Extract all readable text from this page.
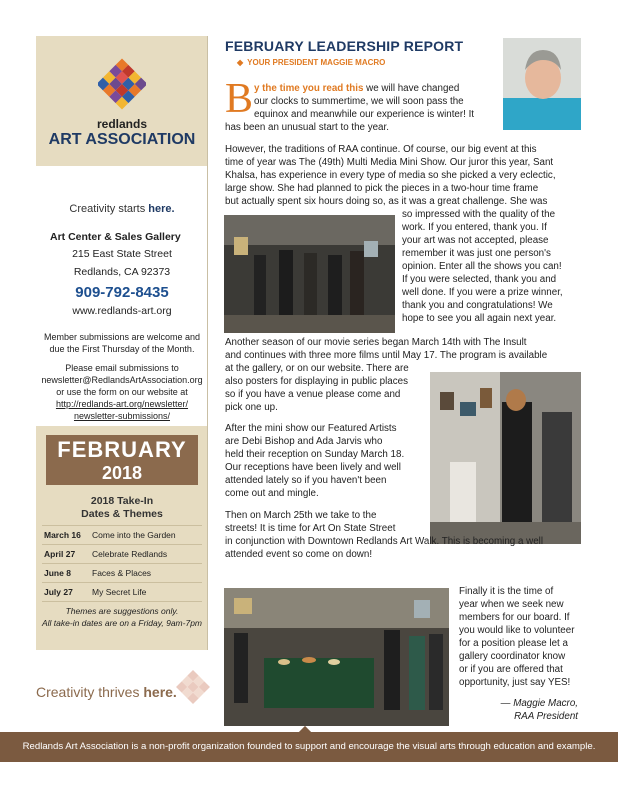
redlands
ART ASSOCIATION
Creativity starts here.
Art Center & Sales Gallery
215 East State Street
Redlands, CA 92373
909-792-8435
www.redlands-art.org
Member submissions are welcome and
due the First Thursday of the Month.
Please email submissions to
newsletter@RedlandsArtAssociation.org
or use the form on our website at
http://redlands-art.org/newsletter/
newsletter-submissions/
FEBRUARY
2018
2018 Take-In
Dates & Themes
March 16 Come into the Garden
April 27 Celebrate Redlands
June 8 Faces & Places
July 27 My Secret Life
Themes are suggestions only.
All take-in dates are on a Friday, 9am-7pm
Creativity thrives here.
FEBRUARY LEADERSHIP REPORT
◆ YOUR PRESIDENT MAGGIE MACRO
B y the time you read this we will have changed
our clocks to summertime, we will soon pass the
equinox and meanwhile our experience is winter! It
has been an unusual start to the year.
However, the traditions of RAA continue. Of course, our big event at this
time of year was The (49th) Multi Media Mini Show. Our juror this year, Sant
Khalsa, has experience in every type of media so she picked a very eclectic,
large show. She had planned to pick the pieces in a two-hour time frame
but actually spent six hours doing so, as it was a great challenge. She was
so impressed with the quality of the
work. If you entered, thank you. If
your art was not accepted, please
remember it was just one person's
opinion. Enter all the shows you can!
If you were selected, thank you and
well done. If you were a prize winner,
thank you and congratulations! We
hope to see you all again next year.
Another season of our movie series began March 14th with The Insult
and continues with three more films until May 17. The program is available
at the gallery, or on our website. There are
also posters for displaying in public places
so if you have a venue please come and
pick one up.
After the mini show our Featured Artists
are Debi Bishop and Ada Jarvis who
held their reception on Sunday March 18.
Our receptions have been lively and well
attended lately so if you haven't been
come out and mingle.
Then on March 25th we take to the
streets! It is time for Art On State Street
in conjunction with Downtown Redlands Art Walk. This is becoming a well
attended event so come on down!
Finally it is the time of
year when we seek new
members for our board. If
you would like to volunteer
for a position please let a
gallery coordinator know
or if you are offered that
opportunity, just say YES!
— Maggie Macro,
RAA President
Redlands Art Association is a non-profit organization founded to support and encourage the visual arts through education and example.
